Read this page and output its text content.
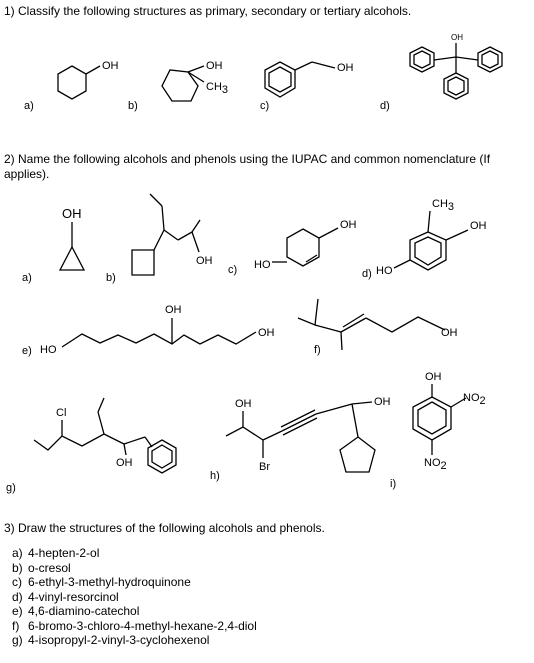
1) Classify the following structures as primary, secondary or tertiary alcohols.
a)	b)	c)	d)
OH	OH
CH3
OH
OH
OH
OH	HO
OH
HO
CH3
OH
HO
OH
OH	OH
Cl
OH
OH
Br
OH
OH
NO2
NO2
2) Name the following alcohols and phenols using the IUPAC and common nomenclature (If
applies).
a)	b)
c)	d)
e)	f)
g)
h)
i)
3) Draw the structures of the following alcohols and phenols.
a) 4-hepten-2-ol
b) o-cresol
c) 6-ethyl-3-methyl-hydroquinone
d) 4-vinyl-resorcinol
e) 4,6-diamino-catechol
f) 6-bromo-3-chloro-4-methyl-hexane-2,4-diol
g) 4-isopropyl-2-vinyl-3-cyclohexenol
